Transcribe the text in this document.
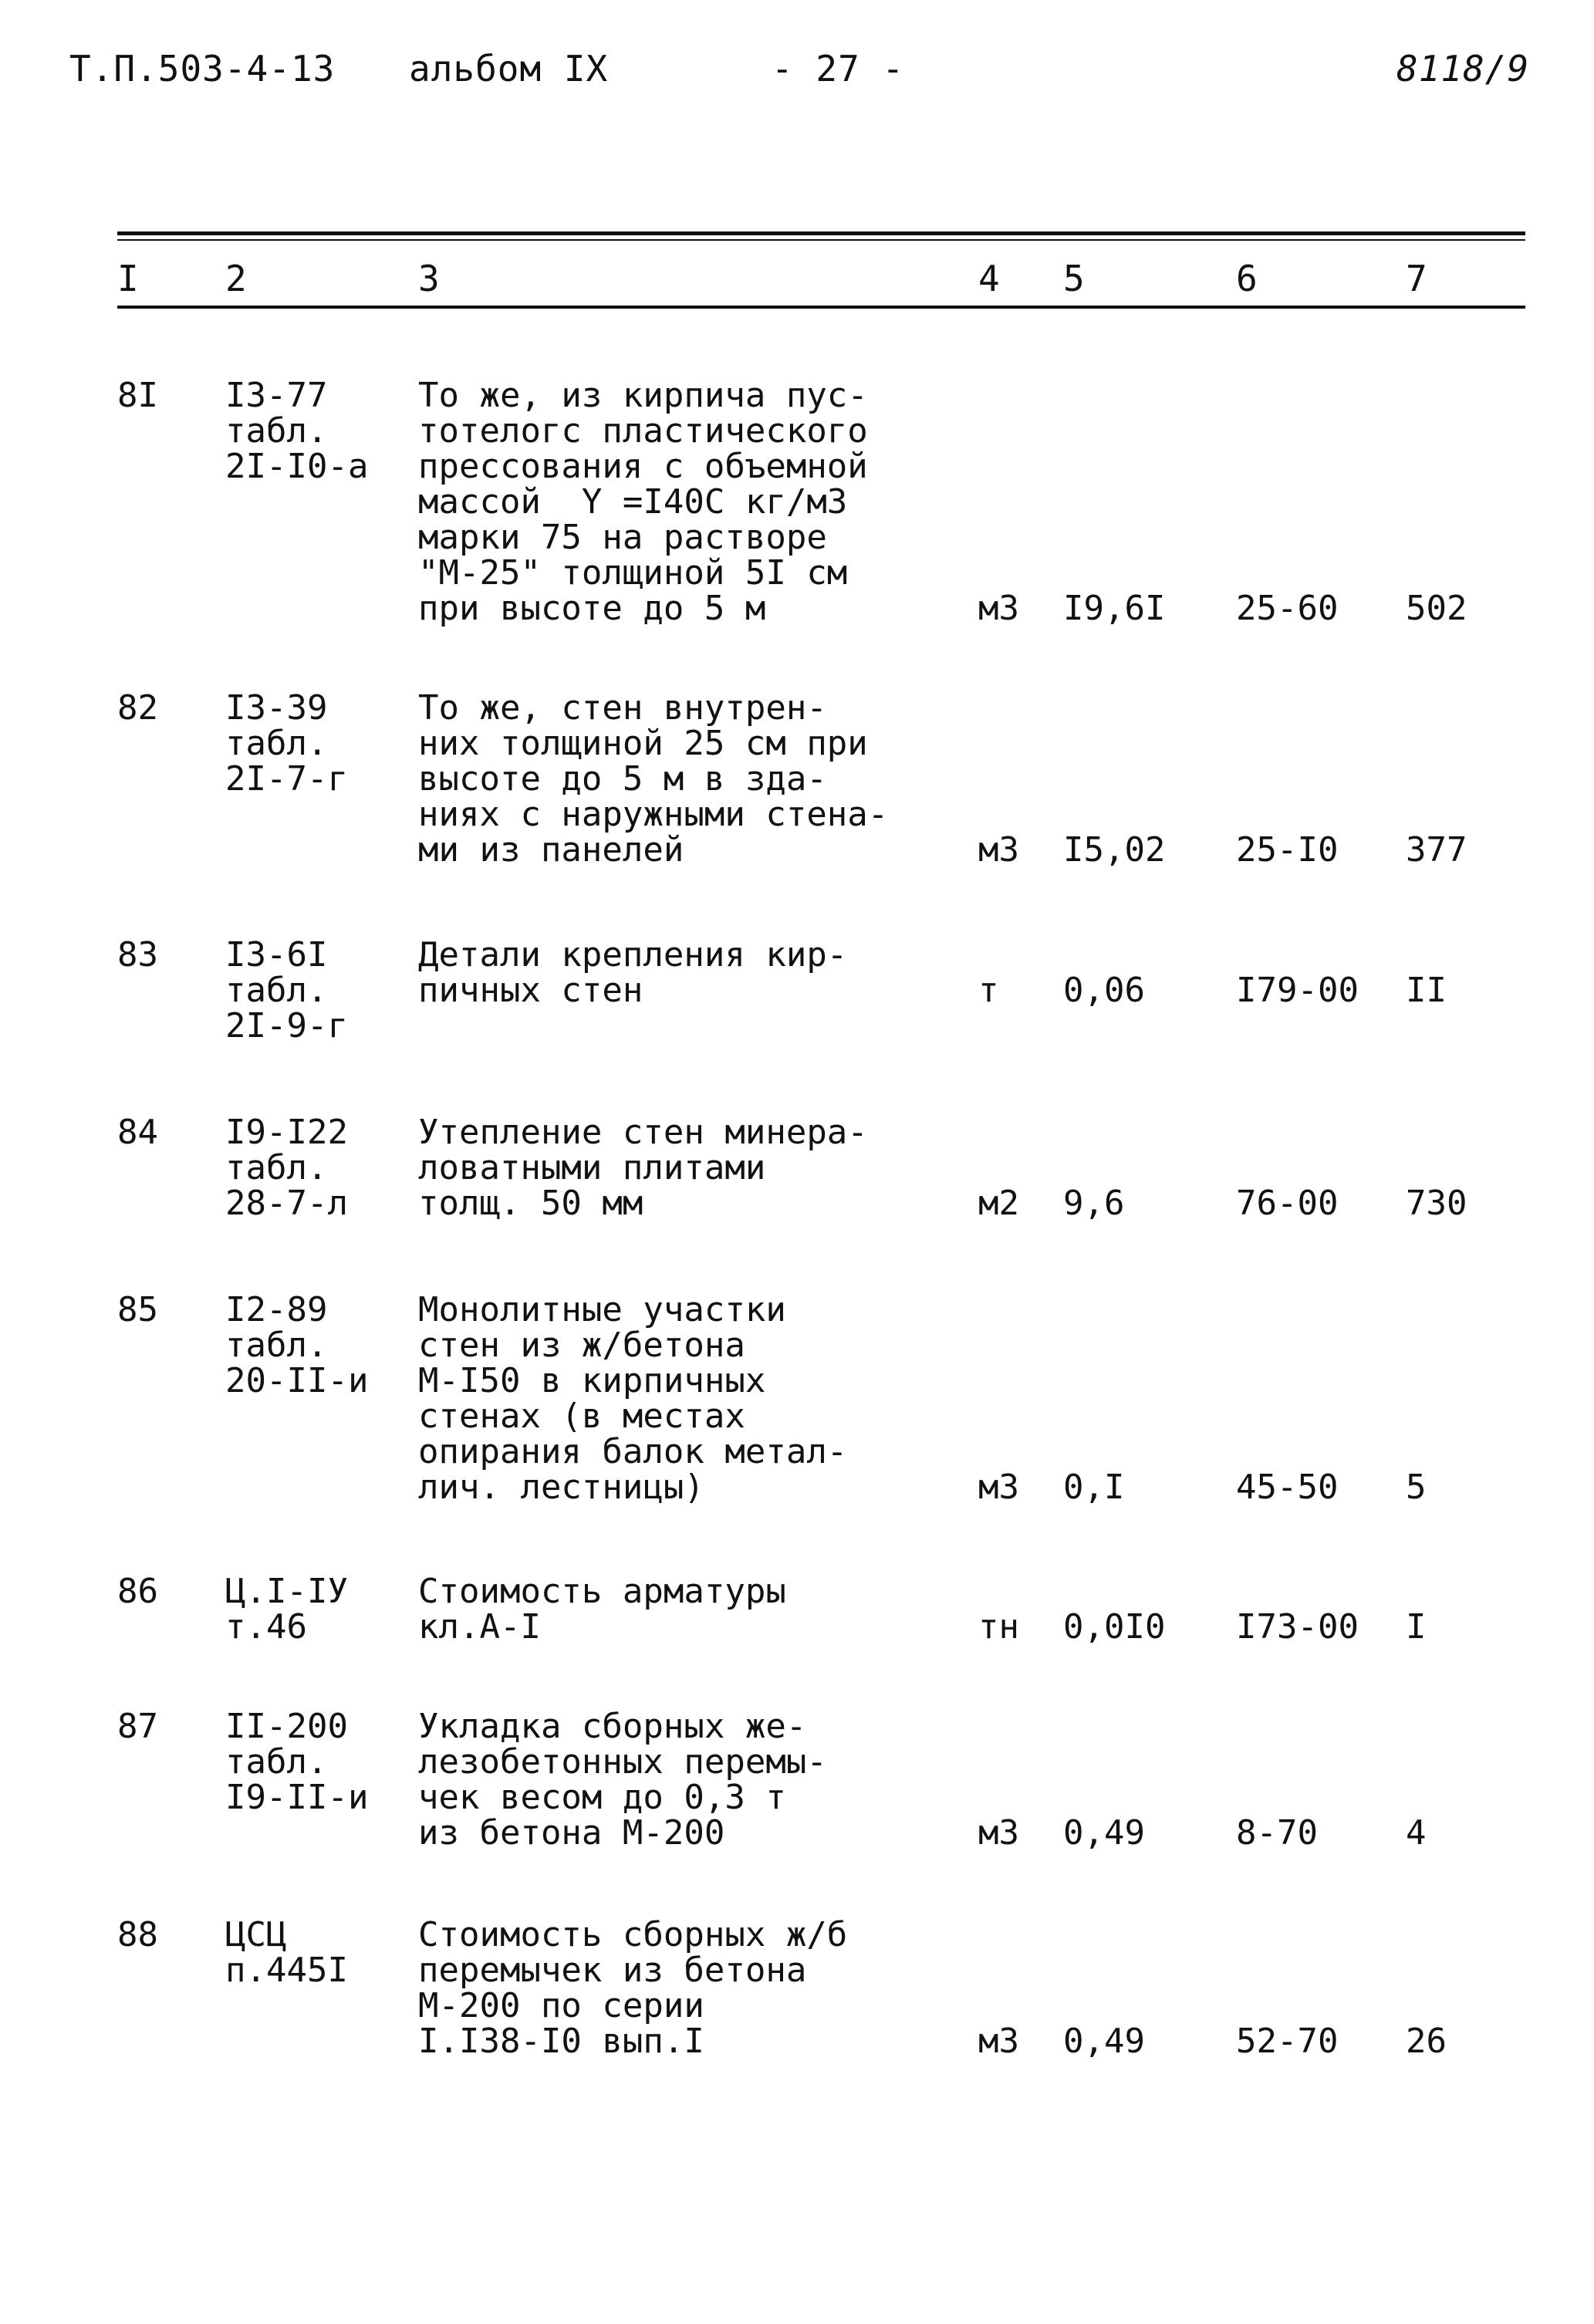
Т.П.503-4-13 альбом IX	- 27 -	8118/9
I 2	3	4 5	6	7
8I I3-77
табл.
2I-I0-а
То же, из кирпича пус-
тотелогс пластического
прессования с объемной
массой  Y =I40C кг/м3
марки 75 на растворе
"М-25" толщиной 5I см
при высоте до 5 м	м3 I9,6I 25-60 502
82 I3-39
табл.
2I-7-г
То же, стен внутрен-
них толщиной 25 см при
высоте до 5 м в зда-
ниях с наружными стена-
ми из панелей	м3 I5,02 25-I0 377
83 I3-6I
табл.
2I-9-г
Детали крепления кир-
пичных стен	т 0,06	I79-00 II
84 I9-I22
табл.
28-7-л
Утепление стен минера-
ловатными плитами
толщ. 50 мм	м2 9,6	76-00 730
85 I2-89
табл.
20-II-и
Монолитные участки
стен из ж/бетона
М-I50 в кирпичных
стенах (в местах
опирания балок метал-
лич. лестницы)	м3 0,I	45-50 5
86 Ц.I-IУ
т.46
Стоимость арматуры
кл.А-I	тн 0,0I0 I73-00 I
87 II-200
табл.
I9-II-и
Укладка сборных же-
лезобетонных перемы-
чек весом до 0,3 т
из бетона М-200	м3 0,49	8-70	4
88 ЦСЦ
п.445I
Стоимость сборных ж/б
перемычек из бетона
М-200 по серии
I.I38-I0 вып.I	м3 0,49	52-70 26
